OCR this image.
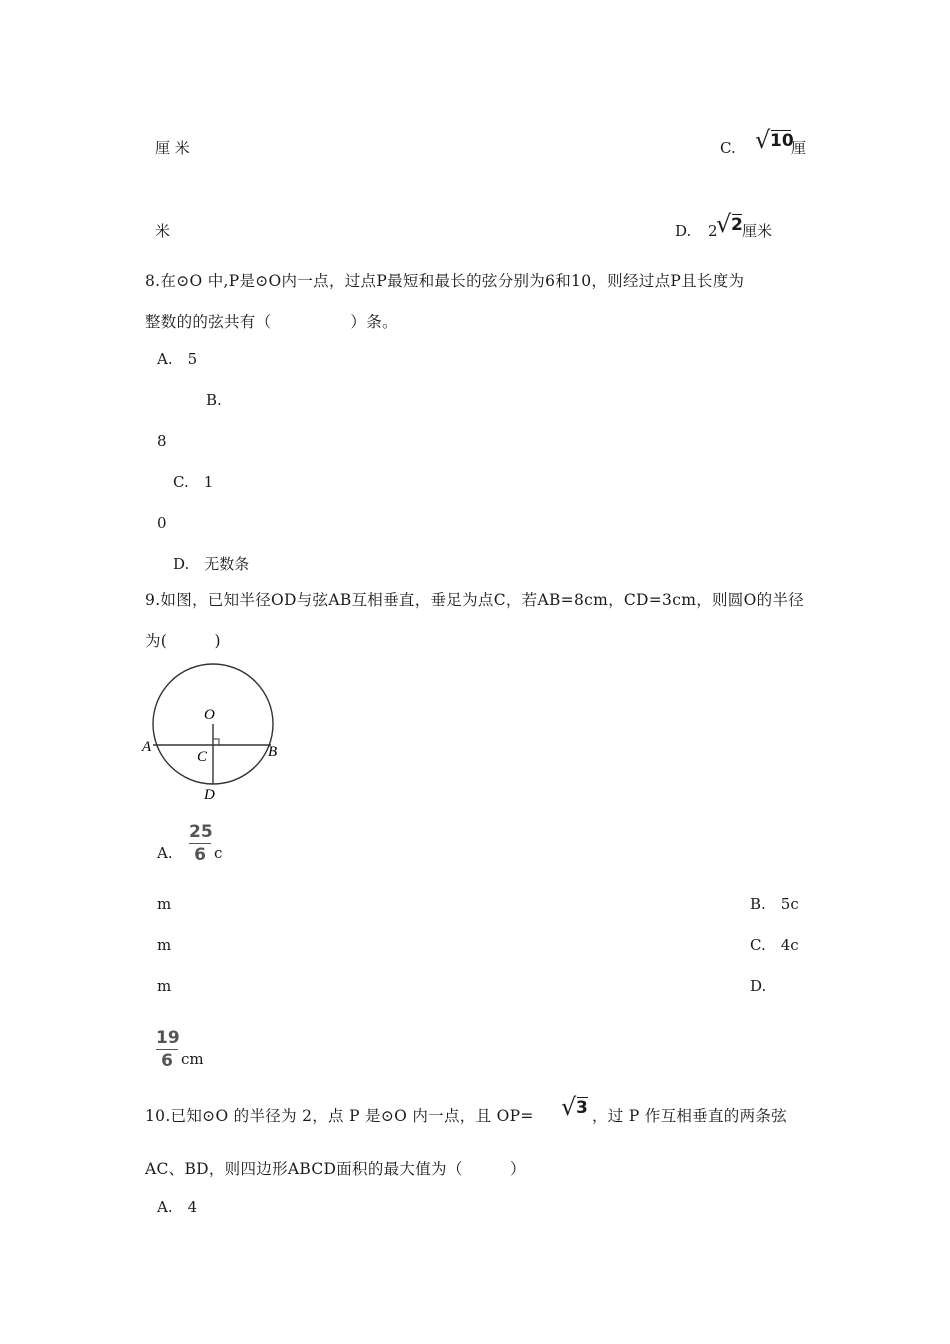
厘 米	C. √ 10
厘
米	D. 2
√ 2 厘米
8.在⊙O 中,P是⊙O内一点，过点P最短和最长的弦分别为6和10，则经过点P且长度为
整数的的弦共有（　　　　　）条。
A.　5
B.
8
C.　1
0
D.　无数条
9.如图，已知半径OD与弦AB互相垂直，垂足为点C，若AB=8cm，CD=3cm，则圆O的半径
为(　　　)
O
A	B
C
D
A.
25
6 c
m	B.　5c
m	C.　4c
m	D.
19
6 cm
10.已知⊙O 的半径为 2，点 P 是⊙O 内一点，且 OP= √ 3 ，过 P 作互相垂直的两条弦
AC、BD，则四边形ABCD面积的最大值为（　　　）
A.　4
